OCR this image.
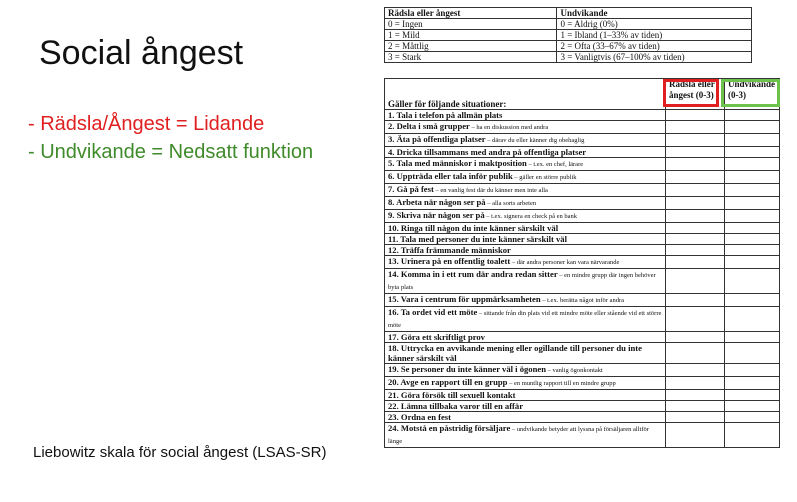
Social ångest
- Rädsla/Ångest = Lidande
- Undvikande = Nedsatt funktion
Liebowitz skala för social ångest (LSAS-SR)
Rädsla eller ångest	Undvikande
0 = Ingen	0 = Aldrig (0%)
1 = Mild	1 = Ibland (1–33% av tiden)
2 = Måttlig	2 = Ofta (33–67% av tiden)
3 = Stark	3 = Vanligtvis (67–100% av tiden)
Gäller för följande situationer:	Rädsla eller ångest (0-3)	Undvikande (0-3)
1. Tala i telefon på allmän plats		
2. Delta i små grupper – ha en diskussion med andra		
3. Äta på offentliga platser – därav du eller känner dig obehaglig		
4. Dricka tillsammans med andra på offentliga platser		
5. Tala med människor i maktposition – t.ex. en chef, lärare		
6. Uppträda eller tala inför publik – gäller en större publik		
7. Gå på fest – en vanlig fest där du känner men inte alla		
8. Arbeta när någon ser på – alla sorts arbeten		
9. Skriva när någon ser på – t.ex. signera en check på en bank		
10. Ringa till någon du inte känner särskilt väl		
11. Tala med personer du inte känner särskilt väl		
12. Träffa främmande människor		
13. Urinera på en offentlig toalett – där andra personer kan vara närvarande		
14. Komma in i ett rum där andra redan sitter – en mindre grupp där ingen behöver byta plats		
15. Vara i centrum för uppmärksamheten – t.ex. berätta något inför andra		
16. Ta ordet vid ett möte – sittande från din plats vid ett mindre möte eller stående vid ett större möte		
17. Göra ett skriftligt prov		
18. Uttrycka en avvikande mening eller ogillande till personer du inte känner särskilt väl		
19. Se personer du inte känner väl i ögonen – vanlig ögonkontakt		
20. Avge en rapport till en grupp – en muntlig rapport till en mindre grupp		
21. Göra försök till sexuell kontakt		
22. Lämna tillbaka varor till en affär		
23. Ordna en fest		
24. Motstå en påstridig försäljare – undvikande betyder att lyssna på försäljaren alltför länge		
